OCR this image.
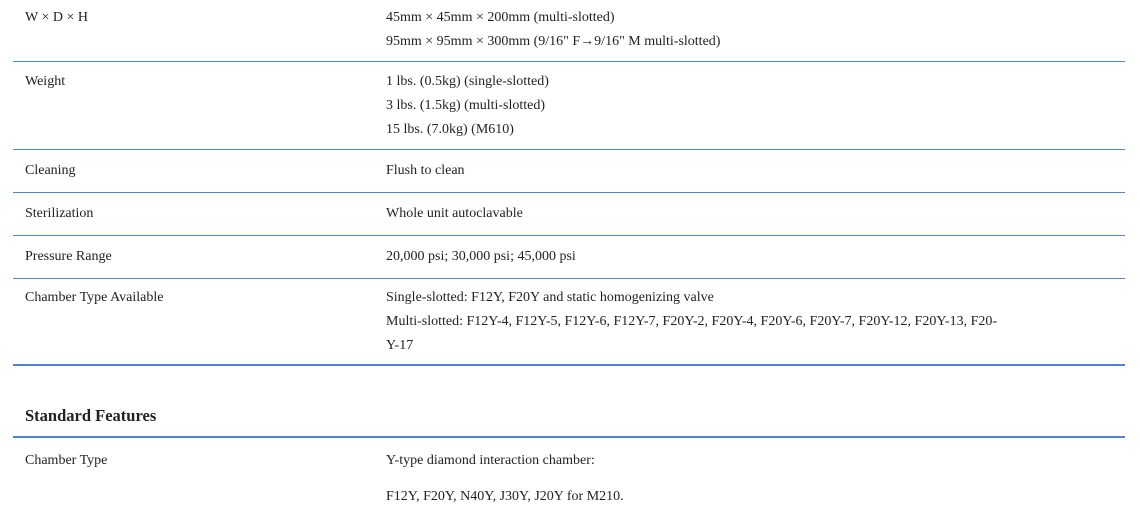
W × D × H	45mm × 45mm × 200mm (multi-slotted)
95mm × 95mm × 300mm (9/16" F→9/16" M multi-slotted)
Weight	1 lbs. (0.5kg) (single-slotted)
3 lbs. (1.5kg) (multi-slotted)
15 lbs. (7.0kg) (M610)
Cleaning	Flush to clean
Sterilization	Whole unit autoclavable
Pressure Range	20,000 psi; 30,000 psi; 45,000 psi
Chamber Type Available	Single-slotted: F12Y, F20Y and static homogenizing valve
Multi-slotted: F12Y-4, F12Y-5, F12Y-6, F12Y-7, F20Y-2, F20Y-4, F20Y-6, F20Y-7, F20Y-12, F20Y-13, F20-
Y-17
Standard Features
Chamber Type	Y-type diamond interaction chamber:
F12Y, F20Y, N40Y, J30Y, J20Y for M210.
